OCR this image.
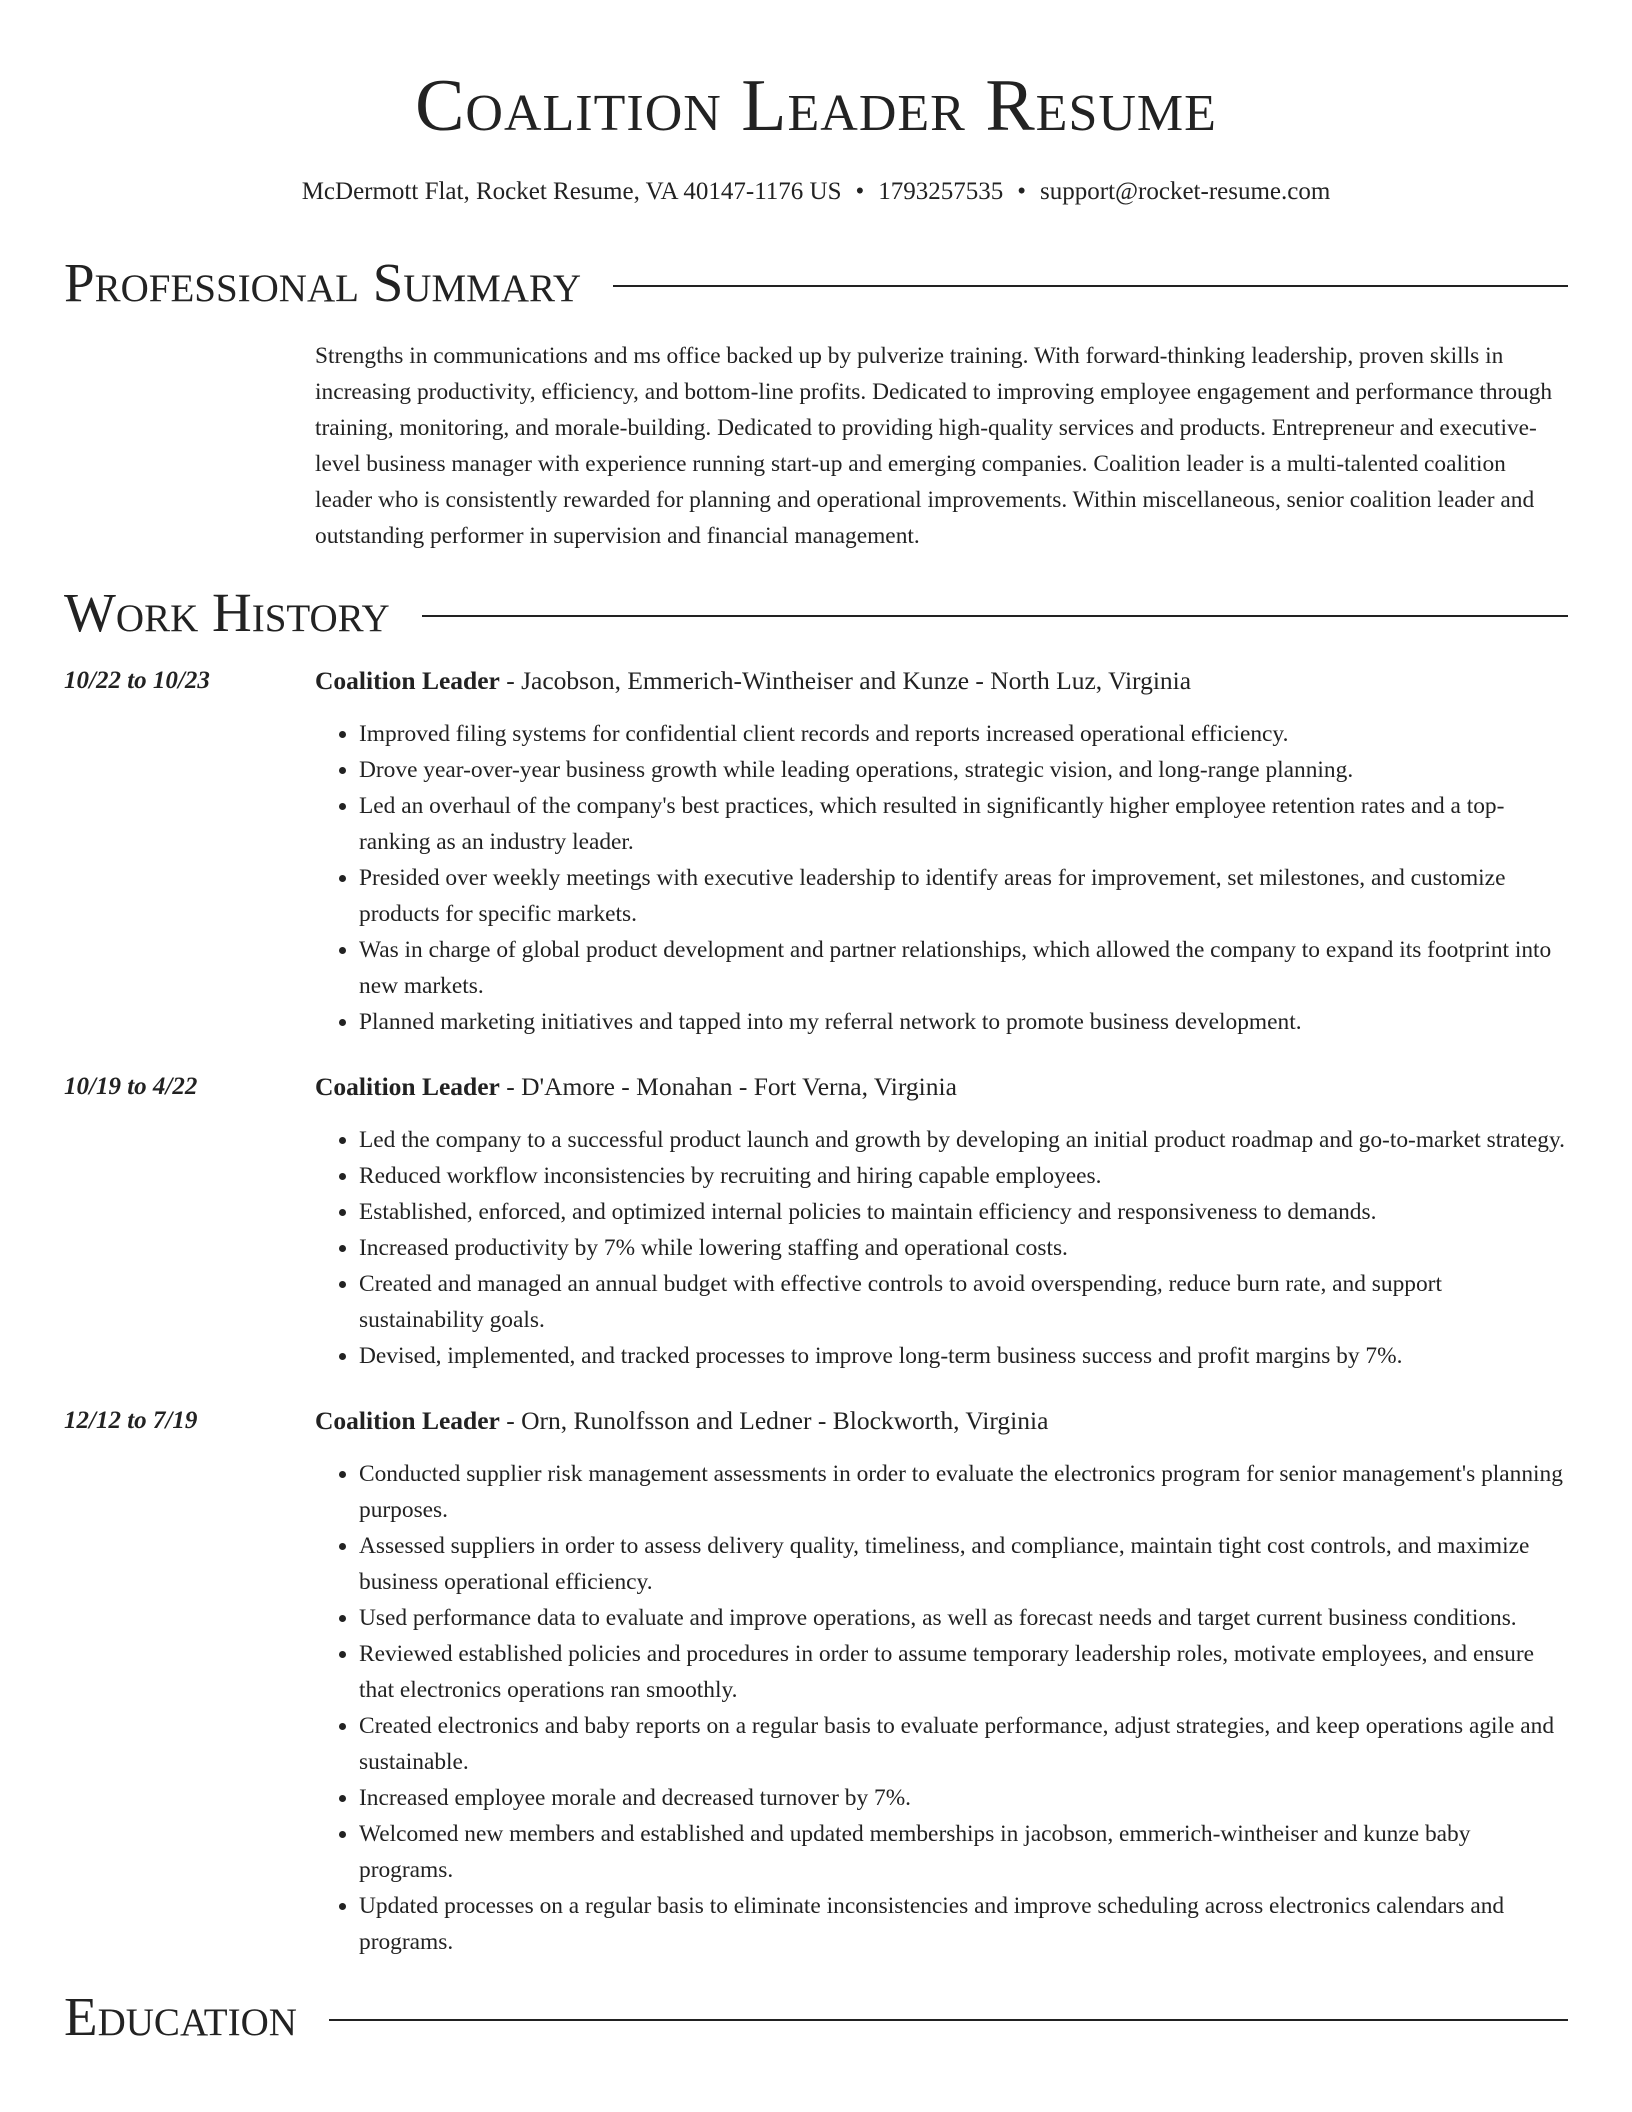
Coalition Leader Resume
McDermott Flat, Rocket Resume, VA 40147-1176 US • 1793257535 • support@rocket-resume.com
Professional Summary
Strengths in communications and ms office backed up by pulverize training. With forward-thinking leadership, proven skills in increasing productivity, efficiency, and bottom-line profits. Dedicated to improving employee engagement and performance through training, monitoring, and morale-building. Dedicated to providing high-quality services and products. Entrepreneur and executive-level business manager with experience running start-up and emerging companies. Coalition leader is a multi-talented coalition leader who is consistently rewarded for planning and operational improvements. Within miscellaneous, senior coalition leader and outstanding performer in supervision and financial management.
Work History
10/22 to 10/23	Coalition Leader - Jacobson, Emmerich-Wintheiser and Kunze - North Luz, Virginia
• Improved filing systems for confidential client records and reports increased operational efficiency.
• Drove year-over-year business growth while leading operations, strategic vision, and long-range planning.
• Led an overhaul of the company's best practices, which resulted in significantly higher employee retention rates and a top-ranking as an industry leader.
• Presided over weekly meetings with executive leadership to identify areas for improvement, set milestones, and customize products for specific markets.
• Was in charge of global product development and partner relationships, which allowed the company to expand its footprint into new markets.
• Planned marketing initiatives and tapped into my referral network to promote business development.
10/19 to 4/22	Coalition Leader - D'Amore - Monahan - Fort Verna, Virginia
• Led the company to a successful product launch and growth by developing an initial product roadmap and go-to-market strategy.
• Reduced workflow inconsistencies by recruiting and hiring capable employees.
• Established, enforced, and optimized internal policies to maintain efficiency and responsiveness to demands.
• Increased productivity by 7% while lowering staffing and operational costs.
• Created and managed an annual budget with effective controls to avoid overspending, reduce burn rate, and support sustainability goals.
• Devised, implemented, and tracked processes to improve long-term business success and profit margins by 7%.
12/12 to 7/19	Coalition Leader - Orn, Runolfsson and Ledner - Blockworth, Virginia
• Conducted supplier risk management assessments in order to evaluate the electronics program for senior management's planning purposes.
• Assessed suppliers in order to assess delivery quality, timeliness, and compliance, maintain tight cost controls, and maximize business operational efficiency.
• Used performance data to evaluate and improve operations, as well as forecast needs and target current business conditions.
• Reviewed established policies and procedures in order to assume temporary leadership roles, motivate employees, and ensure that electronics operations ran smoothly.
• Created electronics and baby reports on a regular basis to evaluate performance, adjust strategies, and keep operations agile and sustainable.
• Increased employee morale and decreased turnover by 7%.
• Welcomed new members and established and updated memberships in jacobson, emmerich-wintheiser and kunze baby programs.
• Updated processes on a regular basis to eliminate inconsistencies and improve scheduling across electronics calendars and programs.
Education
